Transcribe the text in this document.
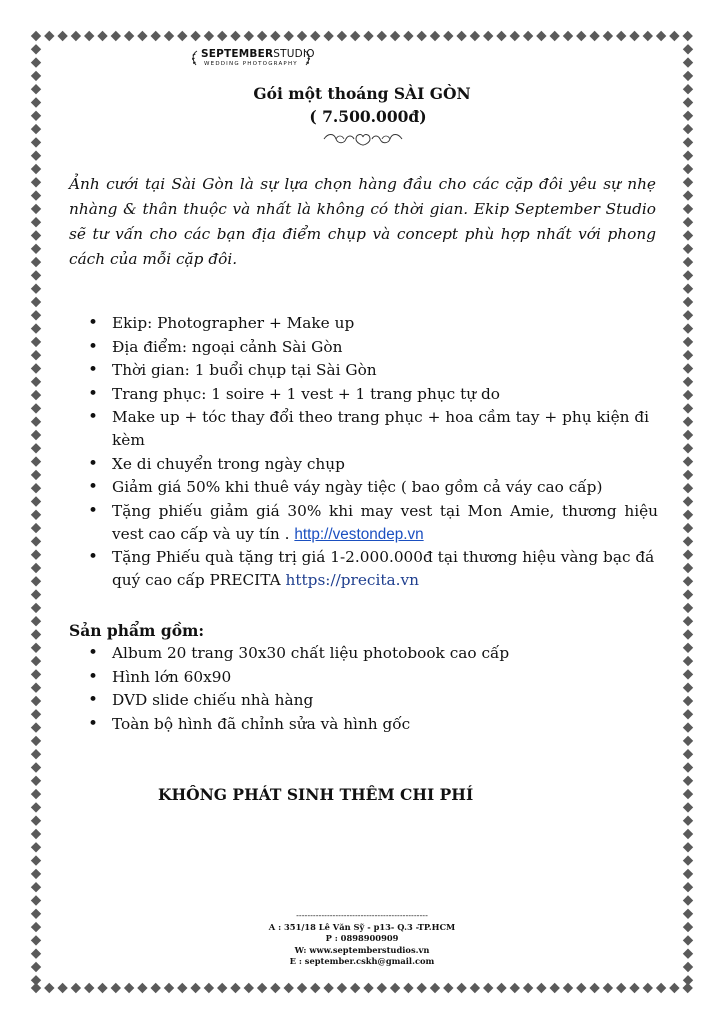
SEPTEMBERSTUDIO
WEDDING PHOTOGRAPHY
Gói một thoáng SÀI GÒN
( 7.500.000đ)

Ảnh cưới tại Sài Gòn là sự lựa chọn hàng đầu cho các cặp đôi yêu sự nhẹ nhàng & thân thuộc và nhất là không có thời gian. Ekip September Studio sẽ tư vấn cho các bạn địa điểm chụp và concept phù hợp nhất với phong cách của mỗi cặp đôi.

• Ekip: Photographer + Make up
• Địa điểm: ngoại cảnh Sài Gòn
• Thời gian: 1 buổi chụp tại Sài Gòn
• Trang phục: 1 soire + 1 vest + 1 trang phục tự do
• Make up + tóc thay đổi theo trang phục + hoa cầm tay + phụ kiện đi kèm
• Xe di chuyển trong ngày chụp
• Giảm giá 50% khi thuê váy ngày tiệc ( bao gồm cả váy cao cấp)
• Tặng phiếu giảm giá 30% khi may vest tại Mon Amie, thương hiệu vest cao cấp và uy tín . http://vestondep.vn
• Tặng Phiếu quà tặng trị giá 1-2.000.000đ tại thương hiệu vàng bạc đá quý cao cấp PRECITA https://precita.vn
Sản phẩm gồm:
• Album 20 trang 30x30 chất liệu photobook cao cấp
• Hình lớn 60x90
• DVD slide chiếu nhà hàng
• Toàn bộ hình đã chỉnh sửa và hình gốc
KHÔNG PHÁT SINH THÊM CHI PHÍ
-----------------------------------------------
A : 351/18 Lê Văn Sỹ - p13- Q.3 -TP.HCM
P : 0898900909
W: www.septemberstudios.vn
E : september.cskh@gmail.com
